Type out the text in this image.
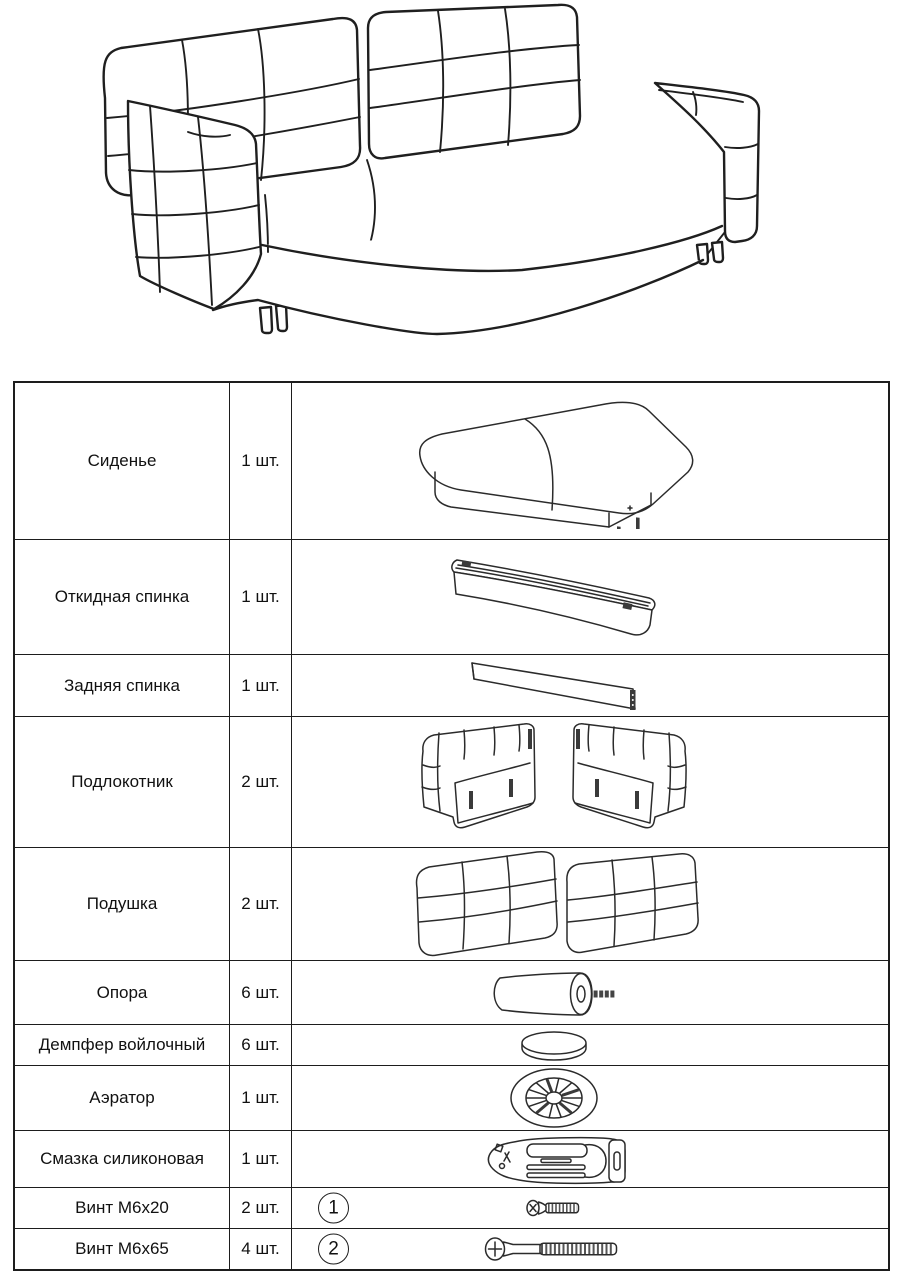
Сиденье	1 шт.
Откидная спинка	1 шт.
Задняя спинка	1 шт.
Подлокотник	2 шт.
Подушка	2 шт.
Опора	6 шт.
Демпфер войлочный 6 шт.
Аэратор	1 шт.
Смазка силиконовая 1 шт.
Винт М6х20	2 шт.	1
Винт М6х65	4 шт.	2
